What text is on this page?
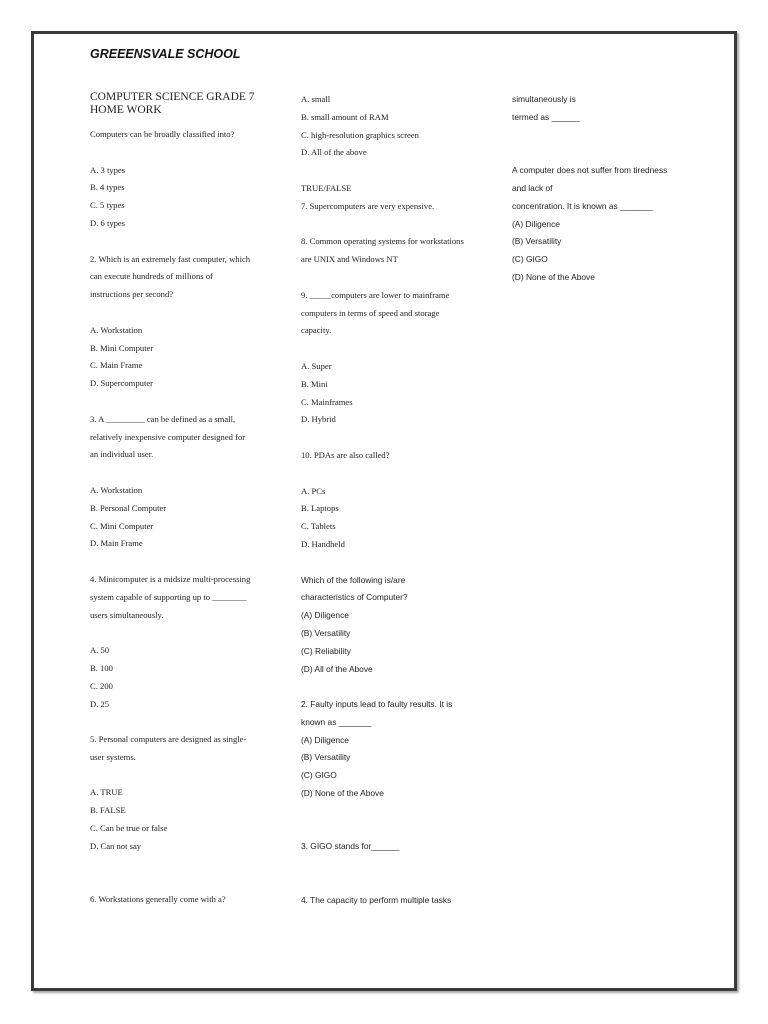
GREEENSVALE SCHOOL
COMPUTER SCIENCE GRADE 7
HOME WORK
Computers can be broadly classified into?
A. 3 types
B. 4 types
C. 5 types
D. 6 types
2. Which is an extremely fast computer, which
can execute hundreds of millions of
instructions per second?
A. Workstation
B. Mini Computer
C. Main Frame
D. Supercomputer
3. A _________ can be defined as a small,
relatively inexpensive computer designed for
an individual user.
A. Workstation
B. Personal Computer
C. Mini Computer
D. Main Frame
4. Minicomputer is a midsize multi-processing
system capable of supporting up to ________
users simultaneously.
A. 50
B. 100
C. 200
D. 25
5. Personal computers are designed as single-
user systems.
A. TRUE
B. FALSE
C. Can be true or false
D. Can not say
6. Workstations generally come with a?
A. small
B. small amount of RAM
C. high-resolution graphics screen
D. All of the above
TRUE/FALSE
7. Supercomputers are very expensive.
8. Common operating systems for workstations
are UNIX and Windows NT
9. _____computers are lower to mainframe
computers in terms of speed and storage
capacity.
A. Super
B. Mini
C. Mainframes
D. Hybrid
10. PDAs are also called?
A. PCs
B. Laptops
C. Tablets
D. Handheld
Which of the following is/are
characteristics of Computer?
(A) Diligence
(B) Versatility
(C) Reliability
(D) All of the Above
2. Faulty inputs lead to faulty results. It is
known as _______
(A) Diligence
(B) Versatility
(C) GIGO
(D) None of the Above
3. GIGO stands for______
4. The capacity to perform multiple tasks
simultaneously is
termed as ______
A computer does not suffer from tiredness
and lack of
concentration. It is known as _______
(A) Diligence
(B) Versatility
(C) GIGO
(D) None of the Above
